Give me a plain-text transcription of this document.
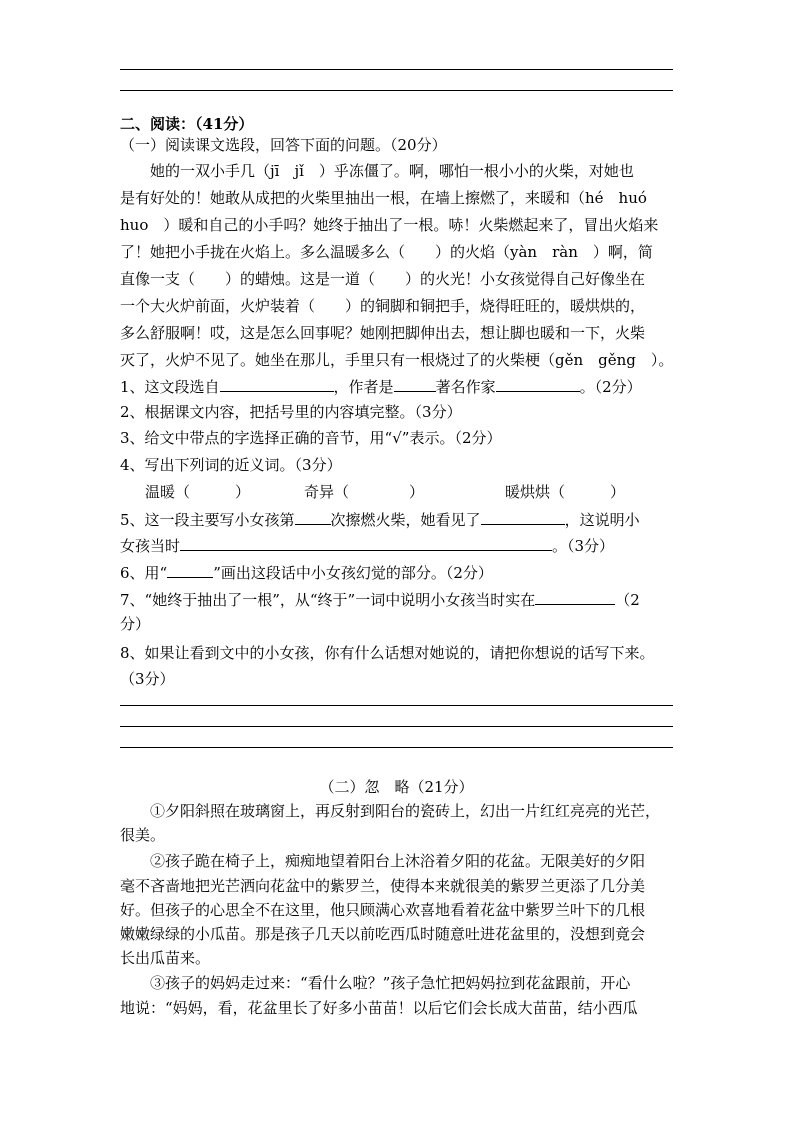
二、阅读：（41分）
（一）阅读课文选段，回答下面的问题。（20分）
　　她的一双小手几（jī　jǐ　）乎冻僵了。啊，哪怕一根小小的火柴，对她也
是有好处的！她敢从成把的火柴里抽出一根，在墙上擦燃了，来暖和（hé　huó
huo　）暖和自己的小手吗？她终于抽出了一根。哧！火柴燃起来了，冒出火焰来
了！她把小手拢在火焰上。多么温暖多么（　　）的火焰（yàn　ràn　）啊，简
直像一支（　　）的蜡烛。这是一道（　　）的火光！小女孩觉得自己好像坐在
一个大火炉前面，火炉装着（　　）的铜脚和铜把手，烧得旺旺的，暖烘烘的，
多么舒服啊！哎，这是怎么回事呢？她刚把脚伸出去，想让脚也暖和一下，火柴
灭了，火炉不见了。她坐在那儿，手里只有一根烧过了的火柴梗（gěn　gěng　）。
1、这文段选自	，作者是	著名作家	。（2分）
2、根据课文内容，把括号里的内容填完整。（3分）
3、给文中带点的字选择正确的音节，用“√”表示。（2分）
4、写出下列词的近义词。（3分）
温暖（　　　）	奇异（　　　　）	暖烘烘（　　　）
5、这一段主要写小女孩第 次擦燃火柴，她看见了	，这说明小
女孩当时	。（3分）
6、用“	”画出这段话中小女孩幻觉的部分。（2分）
7、“她终于抽出了一根”，从“终于”一词中说明小女孩当时实在	（2
分）
8、如果让看到文中的小女孩，你有什么话想对她说的，请把你想说的话写下来。
（3分）
（二）忽　略（21分）
　　①夕阳斜照在玻璃窗上，再反射到阳台的瓷砖上，幻出一片红红亮亮的光芒，
很美。
　　②孩子跪在椅子上，痴痴地望着阳台上沐浴着夕阳的花盆。无限美好的夕阳
毫不吝啬地把光芒洒向花盆中的紫罗兰，使得本来就很美的紫罗兰更添了几分美
好。但孩子的心思全不在这里，他只顾满心欢喜地看着花盆中紫罗兰叶下的几根
嫩嫩绿绿的小瓜苗。那是孩子几天以前吃西瓜时随意吐进花盆里的，没想到竟会
长出瓜苗来。
　　③孩子的妈妈走过来：“看什么啦？”孩子急忙把妈妈拉到花盆跟前，开心
地说：“妈妈，看，花盆里长了好多小苗苗！以后它们会长成大苗苗，结小西瓜
